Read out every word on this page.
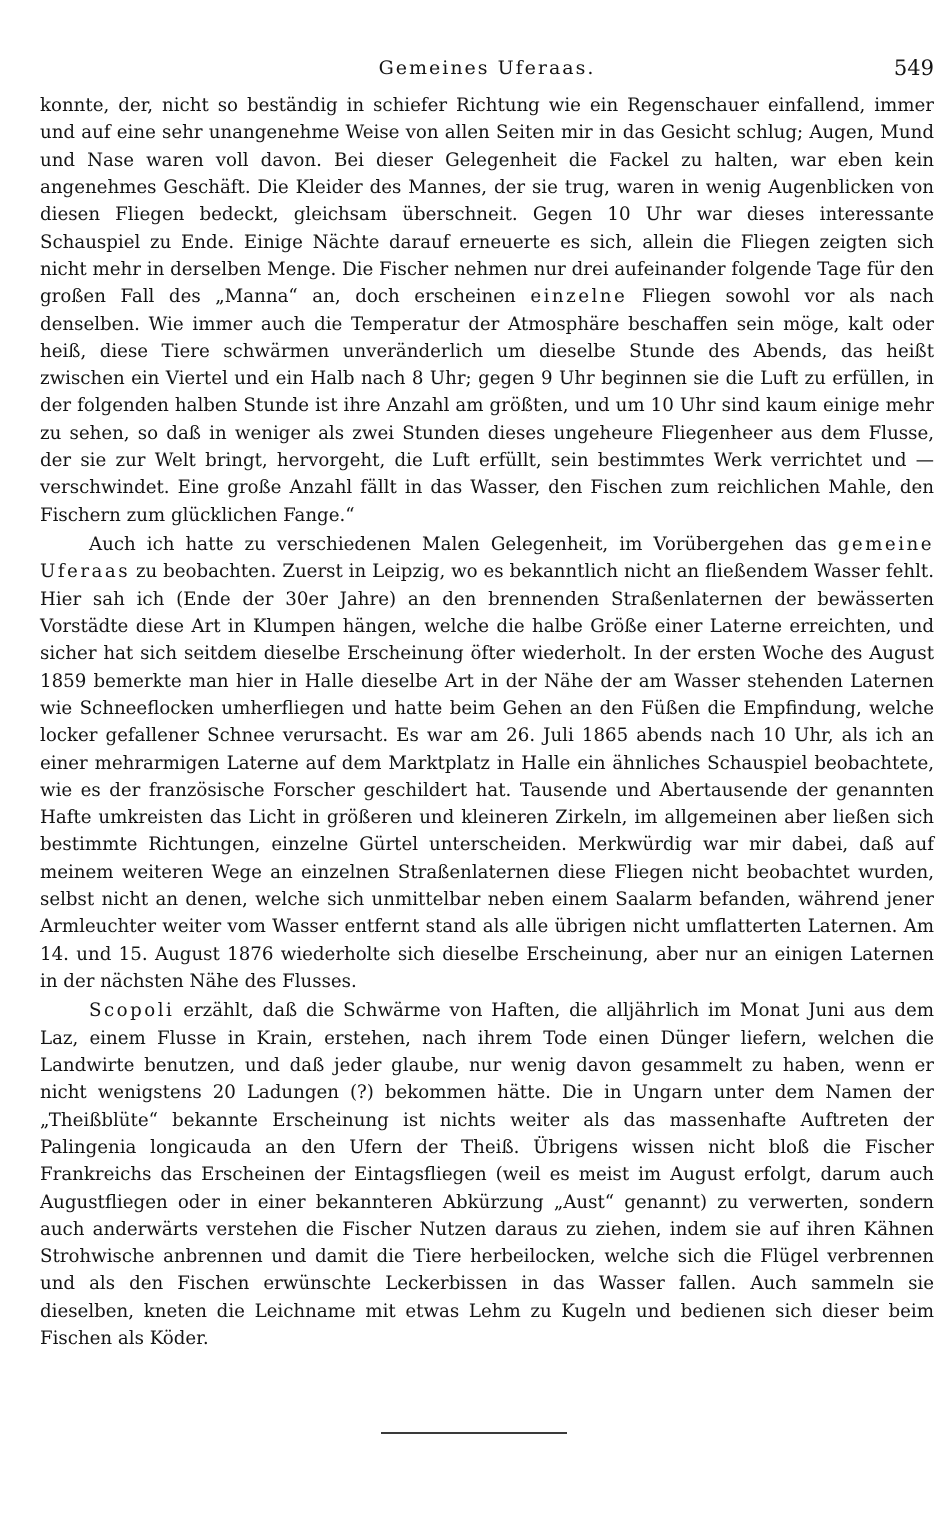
Gemeines Uferaas.	549

konnte, der, nicht so beständig in schiefer Richtung wie ein Regenschauer einfallend, immer und auf eine sehr unangenehme Weise von allen Seiten mir in das Gesicht schlug; Augen, Mund und Nase waren voll davon. Bei dieser Gelegenheit die Fackel zu halten, war eben kein angenehmes Geschäft. Die Kleider des Mannes, der sie trug, waren in wenig Augenblicken von diesen Fliegen bedeckt, gleichsam überschneit. Gegen 10 Uhr war dieses interessante Schauspiel zu Ende. Einige Nächte darauf erneuerte es sich, allein die Fliegen zeigten sich nicht mehr in derselben Menge. Die Fischer nehmen nur drei aufeinander folgende Tage für den großen Fall des „Manna“ an, doch erscheinen einzelne Fliegen sowohl vor als nach denselben. Wie immer auch die Temperatur der Atmosphäre beschaffen sein möge, kalt oder heiß, diese Tiere schwärmen unveränderlich um dieselbe Stunde des Abends, das heißt zwischen ein Viertel und ein Halb nach 8 Uhr; gegen 9 Uhr beginnen sie die Luft zu erfüllen, in der folgenden halben Stunde ist ihre Anzahl am größten, und um 10 Uhr sind kaum einige mehr zu sehen, so daß in weniger als zwei Stunden dieses ungeheure Fliegenheer aus dem Flusse, der sie zur Welt bringt, hervorgeht, die Luft erfüllt, sein bestimmtes Werk verrichtet und — verschwindet. Eine große Anzahl fällt in das Wasser, den Fischen zum reichlichen Mahle, den Fischern zum glücklichen Fange.“

Auch ich hatte zu verschiedenen Malen Gelegenheit, im Vorübergehen das gemeine Uferaas zu beobachten. Zuerst in Leipzig, wo es bekanntlich nicht an fließendem Wasser fehlt. Hier sah ich (Ende der 30er Jahre) an den brennenden Straßenlaternen der bewässerten Vorstädte diese Art in Klumpen hängen, welche die halbe Größe einer Laterne erreichten, und sicher hat sich seitdem dieselbe Erscheinung öfter wiederholt. In der ersten Woche des August 1859 bemerkte man hier in Halle dieselbe Art in der Nähe der am Wasser stehenden Laternen wie Schneeflocken umherfliegen und hatte beim Gehen an den Füßen die Empfindung, welche locker gefallener Schnee verursacht. Es war am 26. Juli 1865 abends nach 10 Uhr, als ich an einer mehrarmigen Laterne auf dem Marktplatz in Halle ein ähnliches Schauspiel beobachtete, wie es der französische Forscher geschildert hat. Tausende und Abertausende der genannten Hafte umkreisten das Licht in größeren und kleineren Zirkeln, im allgemeinen aber ließen sich bestimmte Richtungen, einzelne Gürtel unterscheiden. Merkwürdig war mir dabei, daß auf meinem weiteren Wege an einzelnen Straßenlaternen diese Fliegen nicht beobachtet wurden, selbst nicht an denen, welche sich unmittelbar neben einem Saalarm befanden, während jener Armleuchter weiter vom Wasser entfernt stand als alle übrigen nicht umflatterten Laternen. Am 14. und 15. August 1876 wiederholte sich dieselbe Erscheinung, aber nur an einigen Laternen in der nächsten Nähe des Flusses.

Scopoli erzählt, daß die Schwärme von Haften, die alljährlich im Monat Juni aus dem Laz, einem Flusse in Krain, erstehen, nach ihrem Tode einen Dünger liefern, welchen die Landwirte benutzen, und daß jeder glaube, nur wenig davon gesammelt zu haben, wenn er nicht wenigstens 20 Ladungen (?) bekommen hätte. Die in Ungarn unter dem Namen der „Theißblüte“ bekannte Erscheinung ist nichts weiter als das massenhafte Auftreten der Palingenia longicauda an den Ufern der Theiß. Übrigens wissen nicht bloß die Fischer Frankreichs das Erscheinen der Eintagsfliegen (weil es meist im August erfolgt, darum auch Augustfliegen oder in einer bekannteren Abkürzung „Aust“ genannt) zu verwerten, sondern auch anderwärts verstehen die Fischer Nutzen daraus zu ziehen, indem sie auf ihren Kähnen Strohwische anbrennen und damit die Tiere herbeilocken, welche sich die Flügel verbrennen und als den Fischen erwünschte Leckerbissen in das Wasser fallen. Auch sammeln sie dieselben, kneten die Leichname mit etwas Lehm zu Kugeln und bedienen sich dieser beim Fischen als Köder.
